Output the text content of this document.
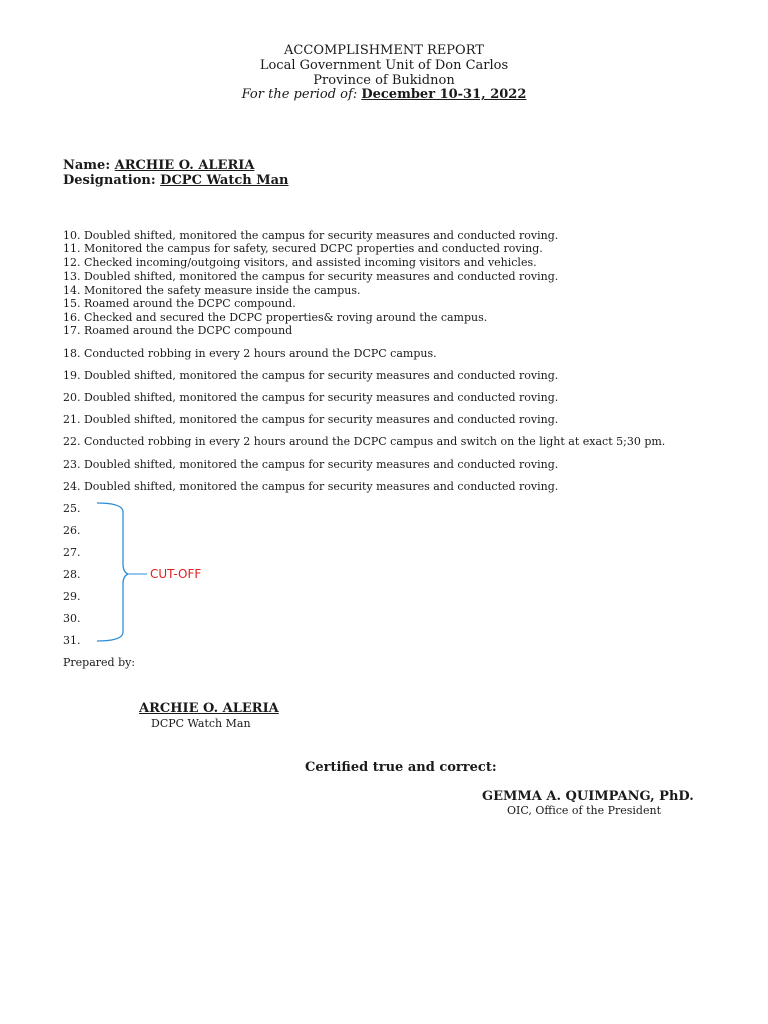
ACCOMPLISHMENT REPORT
Local Government Unit of Don Carlos
Province of Bukidnon
For the period of: December 10-31, 2022
Name: ARCHIE O. ALERIA
Designation: DCPC Watch Man
10. Doubled shifted, monitored the campus for security measures and conducted roving.
11. Monitored the campus for safety, secured DCPC properties and conducted roving.
12. Checked incoming/outgoing visitors, and assisted incoming visitors and vehicles.
13. Doubled shifted, monitored the campus for security measures and conducted roving.
14. Monitored the safety measure inside the campus.
15. Roamed around the DCPC compound.
16. Checked and secured the DCPC properties& roving around the campus.
17. Roamed around the DCPC compound
18. Conducted robbing in every 2 hours around the DCPC campus.
19. Doubled shifted, monitored the campus for security measures and conducted roving.
20. Doubled shifted, monitored the campus for security measures and conducted roving.
21. Doubled shifted, monitored the campus for security measures and conducted roving.
22. Conducted robbing in every 2 hours around the DCPC campus and switch on the light at exact 5;30 pm.
23. Doubled shifted, monitored the campus for security measures and conducted roving.
24. Doubled shifted, monitored the campus for security measures and conducted roving.
25.
26.
27.
28.
29.
30.
31.
CUT-OFF
Prepared by:
ARCHIE O. ALERIA
DCPC Watch Man
Certified true and correct:
GEMMA A. QUIMPANG, PhD.
OIC, Office of the President
